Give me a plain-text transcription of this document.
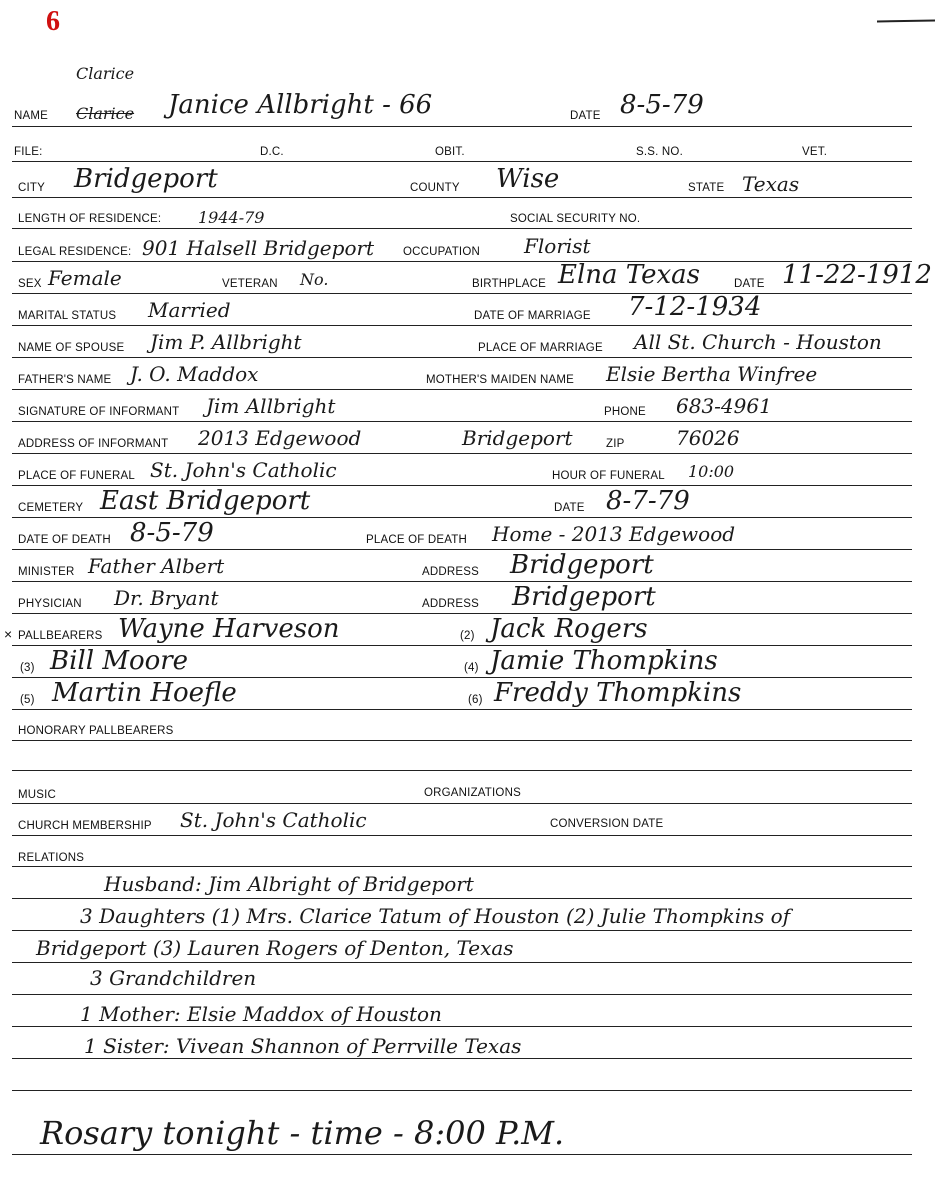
6
Clarice
NAME Clarice Janice Allbright - 66	DATE 8-5-79
FILE:	D.C.	OBIT.	S.S. NO.	VET.
CITY Bridgeport	COUNTY Wise	STATE Texas
LENGTH OF RESIDENCE: 1944-79	SOCIAL SECURITY NO.
LEGAL RESIDENCE: 901 Halsell Bridgeport	OCCUPATION Florist
SEX Female	VETERAN No.	BIRTHPLACE Elna Texas	DATE 11-22-1912
MARITAL STATUS Married	DATE OF MARRIAGE 7-12-1934
NAME OF SPOUSE Jim P. Allbright	PLACE OF MARRIAGE All St. Church - Houston
FATHER'S NAME J. O. Maddox	MOTHER'S MAIDEN NAME Elsie Bertha Winfree
SIGNATURE OF INFORMANT Jim Allbright	PHONE 683-4961
ADDRESS OF INFORMANT 2013 Edgewood	Bridgeport	ZIP	76026
PLACE OF FUNERAL St. John's Catholic	HOUR OF FUNERAL 10:00
CEMETERY East Bridgeport	DATE 8-7-79
DATE OF DEATH 8-5-79	PLACE OF DEATH Home - 2013 Edgewood
MINISTER Father Albert	ADDRESS Bridgeport
PHYSICIAN Dr. Bryant	ADDRESS Bridgeport
× PALLBEARERS Wayne Harveson	(2) Jack Rogers
(3) Bill Moore	(4) Jamie Thompkins
(5) Martin Hoefle	(6) Freddy Thompkins
HONORARY PALLBEARERS
MUSIC	ORGANIZATIONS
CHURCH MEMBERSHIP St. John's Catholic	CONVERSION DATE
RELATIONS
Husband: Jim Albright of Bridgeport
3 Daughters (1) Mrs. Clarice Tatum of Houston (2) Julie Thompkins of
Bridgeport (3) Lauren Rogers of Denton, Texas
3 Grandchildren
1 Mother: Elsie Maddox of Houston
1 Sister: Vivean Shannon of Perrville Texas
Rosary tonight - time - 8:00 P.M.
